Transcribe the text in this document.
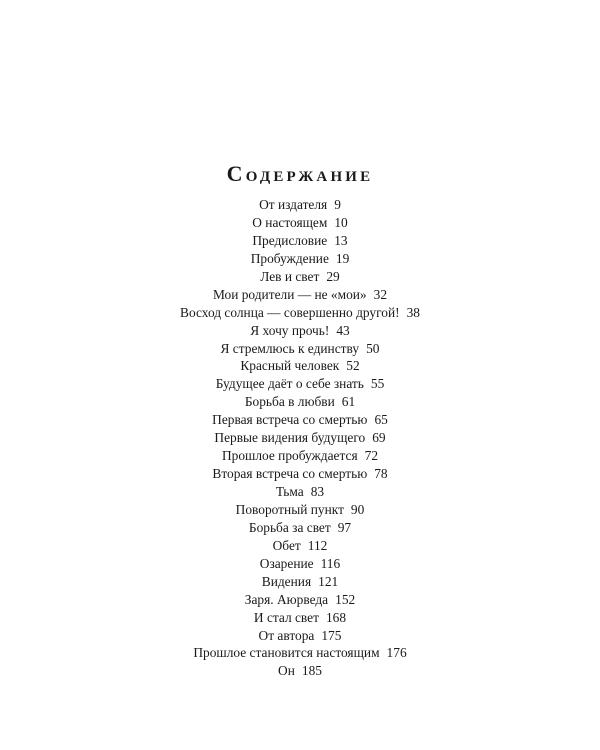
Содержание
От издателя 9
О настоящем 10
Предисловие 13
Пробуждение 19
Лев и свет 29
Мои родители — не «мои» 32
Восход солнца — совершенно другой! 38
Я хочу прочь! 43
Я стремлюсь к единству 50
Красный человек 52
Будущее даёт о себе знать 55
Борьба в любви 61
Первая встреча со смертью 65
Первые видения будущего 69
Прошлое пробуждается 72
Вторая встреча со смертью 78
Тьма 83
Поворотный пункт 90
Борьба за свет 97
Обет 112
Озарение 116
Видения 121
Заря. Аюрведа 152
И стал свет 168
От автора 175
Прошлое становится настоящим 176
Он 185
